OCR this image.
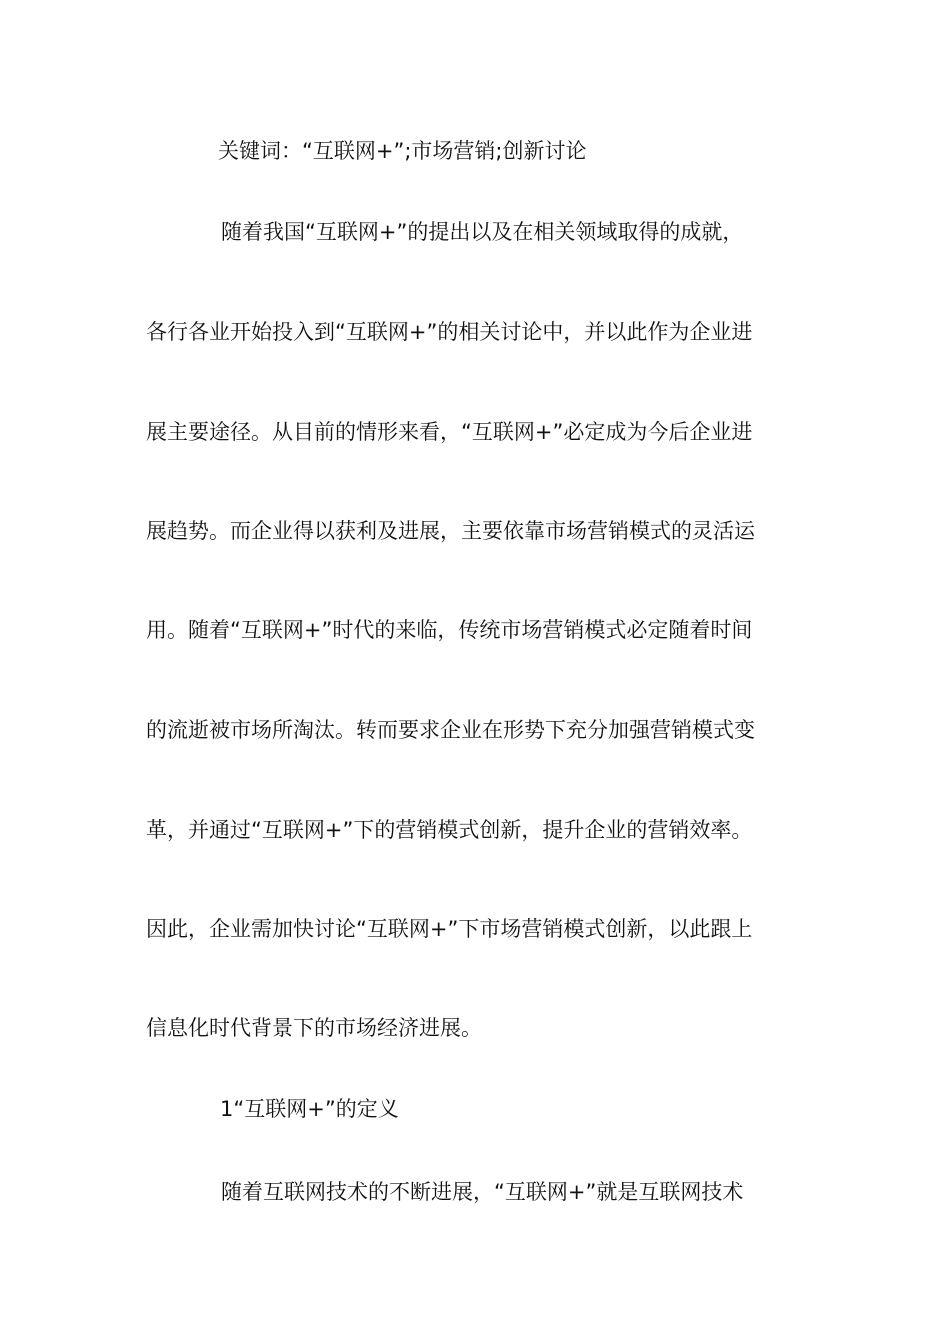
关键词：“互联网+”;市场营销;创新讨论
随着我国“互联网+”的提出以及在相关领域取得的成就，
各行各业开始投入到“互联网+”的相关讨论中，并以此作为企业进
展主要途径。从目前的情形来看，“互联网+”必定成为今后企业进
展趋势。而企业得以获利及进展，主要依靠市场营销模式的灵活运
用。随着“互联网+”时代的来临，传统市场营销模式必定随着时间
的流逝被市场所淘汰。转而要求企业在形势下充分加强营销模式变
革，并通过“互联网+”下的营销模式创新，提升企业的营销效率。
因此，企业需加快讨论“互联网+”下市场营销模式创新，以此跟上
信息化时代背景下的市场经济进展。
1“互联网+”的定义
随着互联网技术的不断进展，“互联网+”就是互联网技术
